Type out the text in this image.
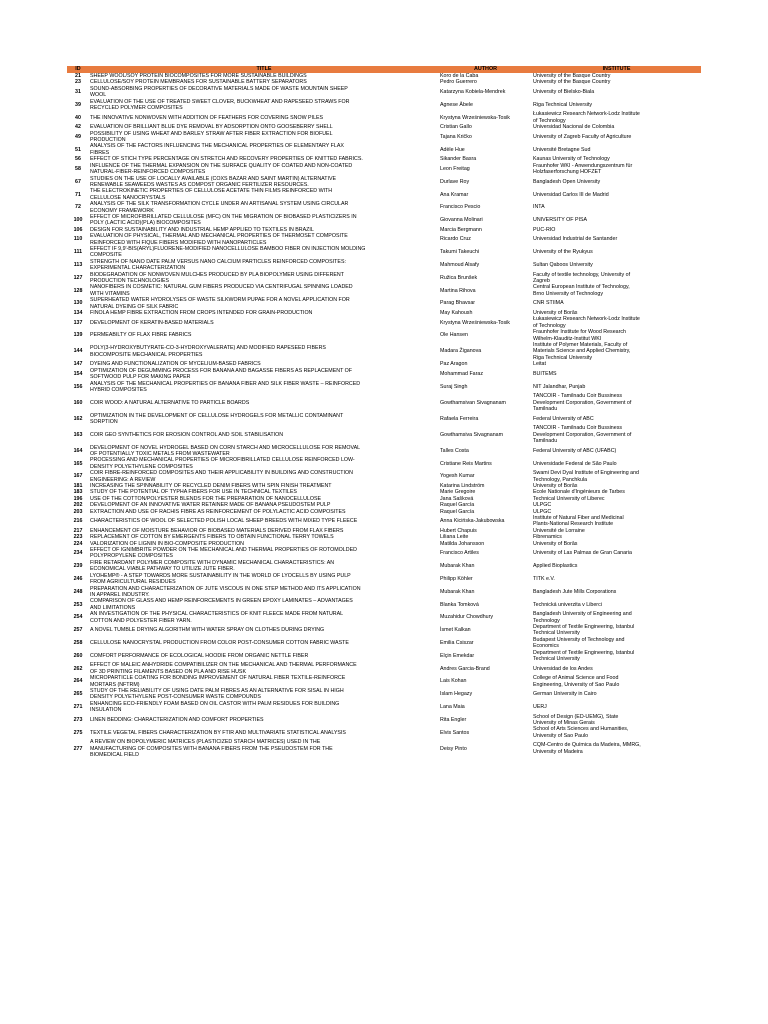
ID	TITLE	AUTHOR	INSTITUTE
21	SHEEP WOOL/SOY PROTEIN BIOCOMPOSITES FOR MORE SUSTAINABLE BUILDINGS	Koro de la Caba	University of the Basque Country
23	CELLULOSE/SOY PROTEIN MEMBRANES FOR SUSTAINABLE BATTERY SEPARATORS	Pedro Guerrero	University of the Basque Country
31	SOUND-ABSORBING PROPERTIES OF DECORATIVE MATERIALS MADE OF WASTE MOUNTAIN SHEEP
WOOL	Katarzyna Kobiela-Mendrek	University of Bielsko-Biala
39	EVALUATION OF THE USE OF TREATED SWEET CLOVER, BUCKWHEAT AND RAPESEED STRAWS FOR
RECYCLED POLYMER COMPOSITES	Agnese Ābele	Riga Technical University
40	THE INNOVATIVE NONWOVEN WITH ADDITION OF FEATHERS FOR COVERING SNOW PILES	Krystyna Wrześniewska-Tosik	Łukasiewicz Research Network-Lodz Institute
of Technology
42	EVALUATION OF BRILLIANT BLUE DYE REMOVAL BY ADSORPTION ONTO GOOSEBERRY SHELL	Cristian Gallo	Universidad Nacional de Colombia
49	POSSIBILITY OF USING WHEAT AND BARLEY STRAW AFTER FIBER EXTRACTION FOR BIOFUEL
PRODUCTION	Tajana Kričko	University of Zagreb Faculty of Agriculture
51	ANALYSIS OF THE FACTORS INFLUENCING THE MECHANICAL PROPERTIES OF ELEMENTARY FLAX
FIBRES	Adèle Hue	Université Bretagne Sud
56	EFFECT OF STICH TYPE PERCENTAGE ON STRETCH AND RECOVERY PROPERTIES OF KNITTED FABRICS.	Sikander Basra	Kaunas University of Technology
58	INFLUENCE OF THE THERMAL EXPANSION ON THE SURFACE QUALITY OF COATED AND NON-COATED
NATURAL-FIBER-REINFORCED COMPOSITES	Leon Freitag	Fraunhofer WKI - Anwendungszentrum für
Holzfaserforschung HOFZET
67	STUDIES ON THE USE OF LOCALLY AVAILABLE (COXS BAZAR AND SAINT MARTIN) ALTERNATIVE
RENEWABLE SEAWEEDS WASTES AS COMPOST ORGANIC FERTILIZER RESOURCES.	Durlave Roy	Bangladesh Open University
71	THE ELECTROKINETIC PROPERTIES OF CELLULOSE ACETATE THIN FILMS REINFORCED WITH
CELLULOSE NANOCRYSTALS	Ana Kramar	Universidad Carlos III de Madrid
72	ANALYSIS OF THE SILK TRANSFORMATION CYCLE UNDER AN ARTISANAL SYSTEM USING CIRCULAR
ECONOMY FRAMEWORK	Francisco Pescio	INTA
100	EFFECT OF MICROFIBRILLATED CELLULOSE (MFC) ON THE MIGRATION OF BIOBASED PLASTICIZERS IN
POLY (LACTIC ACID)(PLA) BIOCOMPOSITES	Giovanna Molinari	UNIVERSITY OF PISA
106	DESIGN FOR SUSTAINABILITY AND INDUSTRIAL HEMP APPLIED TO TEXTILES IN BRAZIL	Marcia Bergmann	PUC-RIO
110	EVALUATION OF PHYSICAL, THERMAL AND MECHANICAL PROPERTIES OF THERMOSET COMPOSITE
REINFORCED WITH FIQUE FIBERS MODIFIED WITH NANOPARTICLES	Ricardo Cruz	Universidad Industrial de Santander
111	EFFECT IF 9,9'-BIS(ARYL)FLUORENE-MODIFIED NANOCELLULOSE BAMBOO FIBER ON INJECTION MOLDING
COMPOSITE	Takumi Takeuchi	University of the Ryukyus
113	STRENGTH OF NANO DATE PALM VERSUS NANO CALCIUM PARTICLES REINFORCED COMPOSITES:
EXPERIMENTAL CHARACTERIZATION	Mahmoud Alsafy	Sultan Qaboos University
127	BIODEGRADATION OF NONWOVEN MULCHES PRODUCED BY PLA BIOPOLYMER USING DIFFERENT
PRODUCTION TECHNOLOGIES	Ružica Brunšek	Faculty of textile technology, University of
Zagreb
128	NANOFIBERS IN COSMETIC: NATURAL GUM FIBERS PRODUCED VIA CENTRIFUGAL SPINNING LOADED
WITH VITAMINS	Martina Rihova	Central European Institute of Technology,
Brno University of Technology
130	SUPERHEATED WATER HYDROLYSES OF WASTE SILKWORM PUPAE FOR A NOVEL APPLICATION FOR
NATURAL DYEING OF SILK FABRIC	Parag Bhavsar	CNR STIIMA
134	FINOLA HEMP FIBRE EXTRACTION FROM CROPS INTENDED FOR GRAIN-PRODUCTION	May Kahoush	University of Borås
137	DEVELOPMENT OF KERATIN-BASED MATERIALS	Krystyna Wrześniewska-Tosik	Łukasiewicz Research Network-Lodz Institute
of Technology
139	PERMEABILTY OF FLAX FIBRE FABRICS	Ole Hansen	Fraunhofer Institute for Wood Research
Wilhelm-Klauditz-Institut WKI
144	POLY(3-HYDROXYBUTYRATE-CO-3-HYDROXYVALERATE) AND MODIFIED RAPESEED FIBERS
BIOCOMPOSITE MECHANICAL PROPERTIES	Madara Žiganova	Institute of Polymer Materials, Faculty of
Materials Science and Applied Chemistry,
Riga Technical University
147	DYEING AND FUNCTIONALIZATION OF MYCELIUM-BASED FABRICS	Paz Aragon	Leitat
154	OPTIMIZATION OF DEGUMMING PROCESS FOR BANANA AND BAGASSE FIBERS AS REPLACEMENT OF
SOFTWOOD PULP FOR MAKING PAPER	Mohammad Faraz	BUITEMS
156	ANALYSIS OF THE MECHANICAL PROPERTIES OF BANANA FIBER AND SILK FIBER WASTE – REINFORCED
HYBRID COMPOSITES	Suraj Singh	NIT Jalandhar, Punjab
160	COIR WOOD: A NATURAL ALTERNATIVE TO PARTICLE BOARDS	Gowthamsivan Sivagnanam	TANCOIR - Tamilnadu Coir Bussiness
Development Corporation, Government of
Tamilnadu
162	OPTIMIZATION IN THE DEVELOPMENT OF CELLULOSE HYDROGELS FOR METALLIC CONTAMINANT
SORPTION	Rafaela Ferreira	Federal University of ABC
163	COIR GEO SYNTHETICS FOR EROSION CONTROL AND SOIL STABILISATION	Gowthamsiva Sivagnanam	TANCOIR - Tamilnadu Coir Bussiness
Development Corporation, Government of
Tamilnadu
164	DEVELOPMENT OF NOVEL HYDROGEL BASED ON CORN STARCH AND MICROCELLULOSE FOR REMOVAL
OF POTENTIALLY TOXIC METALS FROM WASTEWATER	Talles Costa	Federal University of ABC (UFABC)
165	PROCESSING AND MECHANICAL PROPERTIES OF MICROFIBRILLATED CELLULOSE REINFORCED LOW-
DENSITY POLYETHYLENE COMPOSITES	Cristiane Reis Martins	Universidade Federal de São Paulo
167	COIR FIBRE-REINFORCED COMPOSITES AND THEIR APPLICABILITY IN BUILDING AND CONSTRUCTION
ENGINEERING: A REVIEW	Yogesh Kumar	Swami Devi Dyal Institute of Engineering and
Technology, Panchkula
181	INCREASING THE SPINNABILITY OF RECYCLED DENIM FIBERS WITH SPIN FINISH TREATMENT	Katarina Lindström	University of Borås
183	STUDY OF THE POTENTIAL OF TYPHA FIBERS FOR USE IN TECHNICAL TEXTILES	Marie Gregoire	Ecole Nationale d'Ingénieurs de Tarbes
196	USE OF THE COTTON/POLYESTER BLENDS FOR THE PREPARATION OF NANOCELLULOSE	Jana Šašková	Technical University of Liberec
202	DEVELOPMENT OF AN INNOVATIVE WATER RETAINER MADE OF BANANA PSEUDOSTEM PULP	Raquel García	ULPGC
203	EXTRACTION AND USE OF RACHIS FIBRE AS REINFORCEMENT OF POLYLACTIC ACID COMPOSITES	Raquel García	ULPGC
216	CHARACTERISTICS OF WOOL OF SELECTED POLISH LOCAL SHEEP BREEDS WITH MIXED TYPE FLEECE	Anna Kicińska-Jakubowska	Institute of Natural Fiber and Medicinal
Plants-National Research Institute
217	ENHANCEMENT OF MOISTURE BEHAVIOR OF BIOBASED MATERIALS DERIVED FROM FLAX FIBERS	Hubert Chapuis	Université de Lorraine
223	REPLACEMENT OF COTTON BY EMERGENTS FIBERS TO OBTAIN FUNCTIONAL TERRY TOWELS	Liliana Leite	Fibrenamics
224	VALORIZATION OF LIGNIN IN BIO-COMPOSITE PRODUCTION	Matilda Johansson	University of Borås
234	EFFECT OF IGNIMBRITE POWDER ON THE MECHANICAL AND THERMAL PROPERTIES OF ROTOMOLDED
POLYPROPYLENE COMPOSITES	Francisco Artiles	University of Las Palmas de Gran Canaria
239	FIRE RETARDANT POLYMER COMPOSITE WITH DYNAMIC MECHANICAL CHARACTERISTICS: AN
ECONOMICAL VIABLE PATHWAY TO UTILIZE JUTE FIBER.	Mubarak Khan	Applied Bioplastics
246	LYOHEMP® - A STEP TOWARDS MORE SUSTAINABILITY IN THE WORLD OF LYOCELLS BY USING PULP
FROM AGRICULTURAL RESIDUES	Philipp Köhler	TITK e.V.
248	PREPARATION AND CHARACTERIZATION OF JUTE VISCOUS IN ONE STEP METHOD AND ITS APPLICATION
IN APPAREL INDUSTRY.	Mubarak Khan	Bangladesh Jute Mills Corporations
253	COMPARISON OF GLASS AND HEMP REINFORCEMENTS IN GREEN EPOXY LAMINATES – ADVANTAGES
AND LIMITATIONS	Blanka Tomková	Technická univerzita v Liberci
254	AN INVESTIGATION OF THE PHYSICAL CHARACTERISTICS OF KNIT FLEECE MADE FROM NATURAL
COTTON AND POLYESTER FIBER YARN.	Muzahidur Chowdhury	Bangladesh University of Engineering and
Technology
257	A NOVEL TUMBLE DRYING ALGORITHM WITH WATER SPRAY ON CLOTHES DURING DRYING	İsmet Kalkan	Department of Textile Engineering, Istanbul
Technical University
258	CELLULOSE NANOCRYSTAL PRODUCTION FROM COLOR POST-CONSUMER COTTON FABRIC WASTE	Emilia Csiszar	Budapest University of Technology and
Economics
260	COMFORT PERFORMANCE OF ECOLOGICAL HOODIE FROM ORGANIC NETTLE FIBER	Elçin Emekdar	Department of Textile Engineering, Istanbul
Technical University
262	EFFECT OF MALEIC ANHYDRIDE COMPATIBILIZER ON THE MECHANICAL AND THERMAL PERFORMANCE
OF 3D PRINTING FILAMENTS BASED ON PLA AND RISE HUSK	Andres Garcia-Brand	Universidad de los Andes
264	MICROPARTICLE COATING FOR BONDING IMPROVEMENT OF NATURAL FIBER TEXTILE-REINFORCE
MORTARS (NFTRM)	Lais Kohan	College of Animal Science and Food
Engineering, University of Sao Paulo
265	STUDY OF THE RELIABILITY OF USING DATE PALM FIBRES AS AN ALTERNATIVE FOR SISAL IN HIGH
DENSITY POLYETHYLENE POST-CONSUMER WASTE COMPOUNDS	Islam Hegazy	German University in Cairo
271	ENHANCING ECO-FRIENDLY FOAM BASED ON OIL CASTOR WITH PALM RESIDUES FOR BUILDING
INSULATION	Lana Maia	UERJ
273	LINEN BEDDING: CHARACTERIZATION AND COMFORT PROPERTIES	Rita Engler	School of Design (ED-UEMG), State
University of Minas Gerais
275	TEXTILE VEGETAL FIBERS CHARACTERIZATION BY FTIR AND MULTIVARIATE STATISTICAL ANALYSIS	Elvis Santos	School of Arts Sciences and Humanities,
University of Sao Paulo
277	A REVIEW ON BIOPOLYMERIC MATRICES (PLASTICIZED STARCH MATRICES) USED IN THE
MANUFACTURING OF COMPOSITES WITH BANANA FIBERS FROM THE PSEUDOSTEM FOR THE
BIOMEDICAL FIELD	Deisy Pinto	CQM-Centro de Química da Madeira, MMRG,
University of Madeira
